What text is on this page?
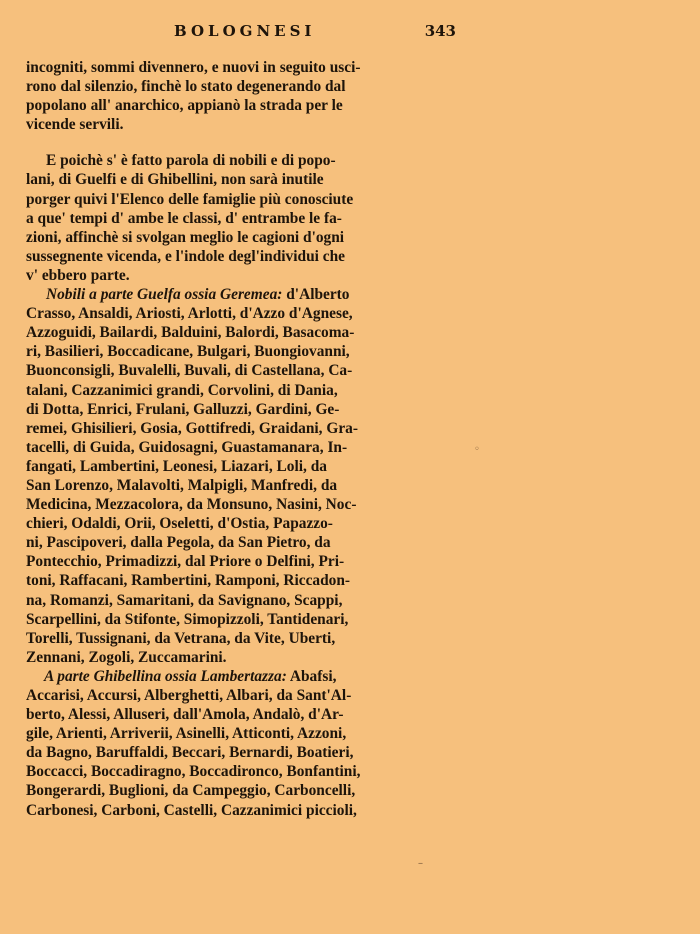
BOLOGNESI	343
incogniti, sommi divennero, e nuovi in seguito usci-
rono dal silenzio, finchè lo stato degenerando dal
popolano all' anarchico, appianò la strada per le
vicende servili.
E poichè s' è fatto parola di nobili e di popo-
lani, di Guelfi e di Ghibellini, non sarà inutile
porger quivi l'Elenco delle famiglie più conosciute
a que' tempi d' ambe le classi, d' entrambe le fa-
zioni, affinchè si svolgan meglio le cagioni d'ogni
sussegnente vicenda, e l'indole degl'individui che
v' ebbero parte.
Nobili a parte Guelfa ossia Geremea: d'Alberto
Crasso, Ansaldi, Ariosti, Arlotti, d'Azzo d'Agnese,
Azzoguidi, Bailardi, Balduini, Balordi, Basacoma-
ri, Basilieri, Boccadicane, Bulgari, Buongiovanni,
Buonconsigli, Buvalelli, Buvali, di Castellana, Ca-
talani, Cazzanimici grandi, Corvolini, di Dania,
di Dotta, Enrici, Frulani, Galluzzi, Gardini, Ge-
remei, Ghisilieri, Gosia, Gottifredi, Graidani, Gra-
tacelli, di Guida, Guidosagni, Guastamanara, In-
fangati, Lambertini, Leonesi, Liazari, Loli, da
San Lorenzo, Malavolti, Malpigli, Manfredi, da
Medicina, Mezzacolora, da Monsuno, Nasini, Noc-
chieri, Odaldi, Orii, Oseletti, d'Ostia, Papazzo-
ni, Pascipoveri, dalla Pegola, da San Pietro, da
Pontecchio, Primadizzi, dal Priore o Delfini, Pri-
toni, Raffacani, Rambertini, Ramponi, Riccadon-
na, Romanzi, Samaritani, da Savignano, Scappi,
Scarpellini, da Stifonte, Simopizzoli, Tantidenari,
Torelli, Tussignani, da Vetrana, da Vite, Uberti,
Zennani, Zogoli, Zuccamarini.
A parte Ghibellina ossia Lambertazza: Abafsi,
Accarisi, Accursi, Alberghetti, Albari, da Sant'Al-
berto, Alessi, Alluseri, dall'Amola, Andalò, d'Ar-
gile, Arienti, Arriverii, Asinelli, Atticonti, Azzoni,
da Bagno, Baruffaldi, Beccari, Bernardi, Boatieri,
Boccacci, Boccadiragno, Boccadironco, Bonfantini,
Bongerardi, Buglioni, da Campeggio, Carboncelli,
Carbonesi, Carboni, Castelli, Cazzanimici piccioli,
◦
–
